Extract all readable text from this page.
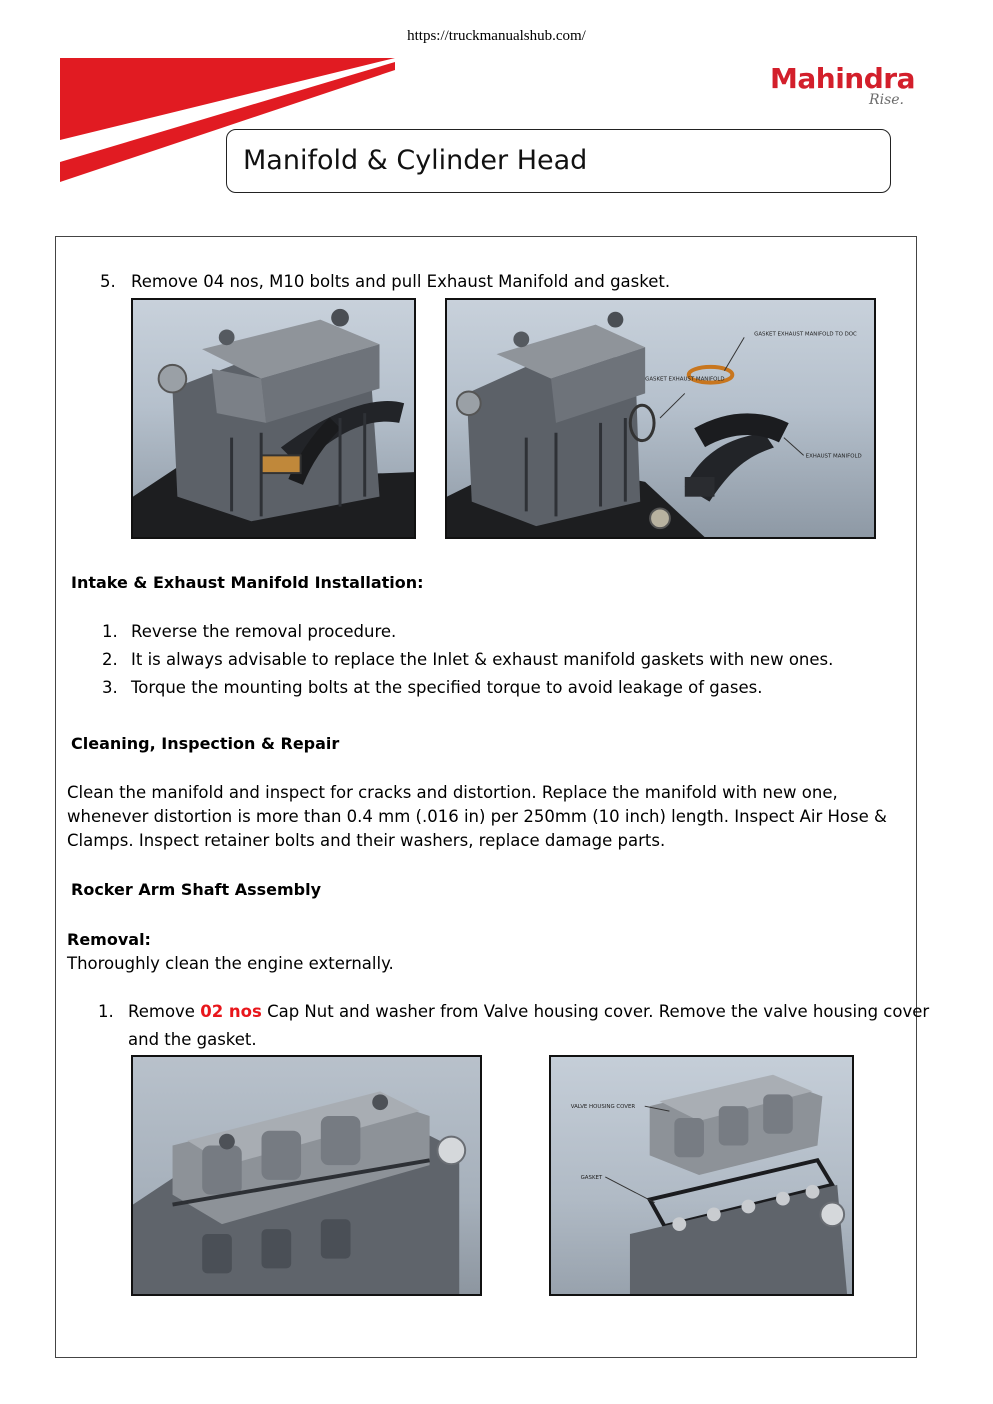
https://truckmanualshub.com/
Mahindra
Rise.
Manifold & Cylinder Head
5. Remove 04 nos, M10 bolts and pull Exhaust Manifold and gasket.
GASKET EXHAUST MANIFOLD TO DOC
GASKET EXHAUST MANIFOLD
EXHAUST MANIFOLD
Intake & Exhaust Manifold Installation:
1. Reverse the removal procedure.
2. It is always advisable to replace the Inlet & exhaust manifold gaskets with new ones.
3. Torque the mounting bolts at the specified torque to avoid leakage of gases.
Cleaning, Inspection & Repair
Clean the manifold and inspect for cracks and distortion. Replace the manifold with new one,
whenever distortion is more than 0.4 mm (.016 in) per 250mm (10 inch) length. Inspect Air Hose &
Clamps. Inspect retainer bolts and their washers, replace damage parts.
Rocker Arm Shaft Assembly
Removal:
Thoroughly clean the engine externally.
1. Remove 02 nos Cap Nut and washer from Valve housing cover. Remove the valve housing cover
and the gasket.
VALVE HOUSING COVER
GASKET
